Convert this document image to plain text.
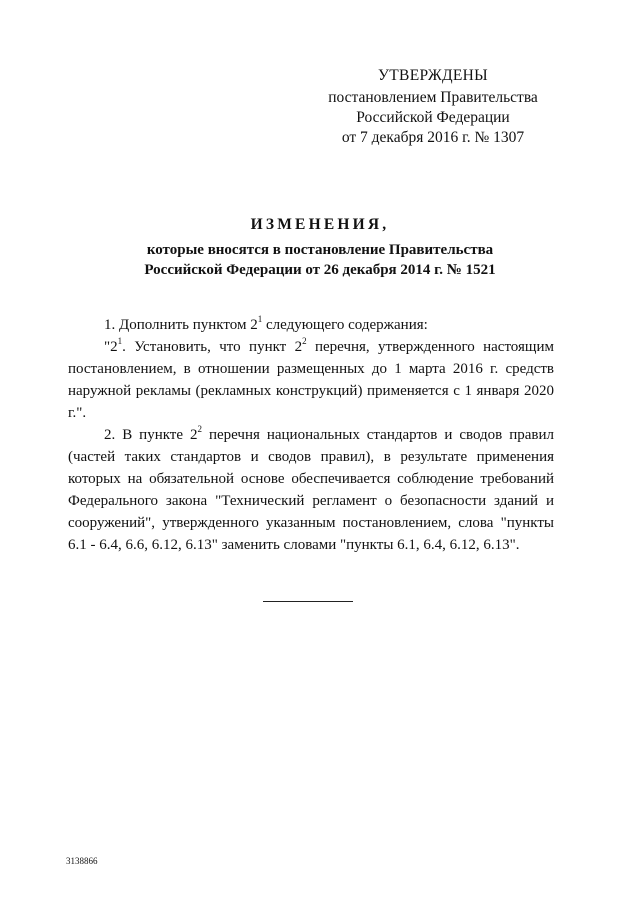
УТВЕРЖДЕНЫ
постановлением Правительства
Российской Федерации
от 7 декабря 2016 г. № 1307
ИЗМЕНЕНИЯ,
которые вносятся в постановление Правительства
Российской Федерации от 26 декабря 2014 г. № 1521

1. Дополнить пунктом $2^1$ следующего содержания:

"$2^1$. Установить, что пункт $2^2$ перечня, утвержденного настоящим постановлением, в отношении размещенных до 1 марта 2016 г. средств наружной рекламы (рекламных конструкций) применяется с 1 января 2020 г.".

2. В пункте $2^2$ перечня национальных стандартов и сводов правил (частей таких стандартов и сводов правил), в результате применения которых на обязательной основе обеспечивается соблюдение требований Федерального закона "Технический регламент о безопасности зданий и сооружений", утвержденного указанным постановлением, слова "пункты 6.1 - 6.4, 6.6, 6.12, 6.13" заменить словами "пункты 6.1, 6.4, 6.12, 6.13".

3138866
